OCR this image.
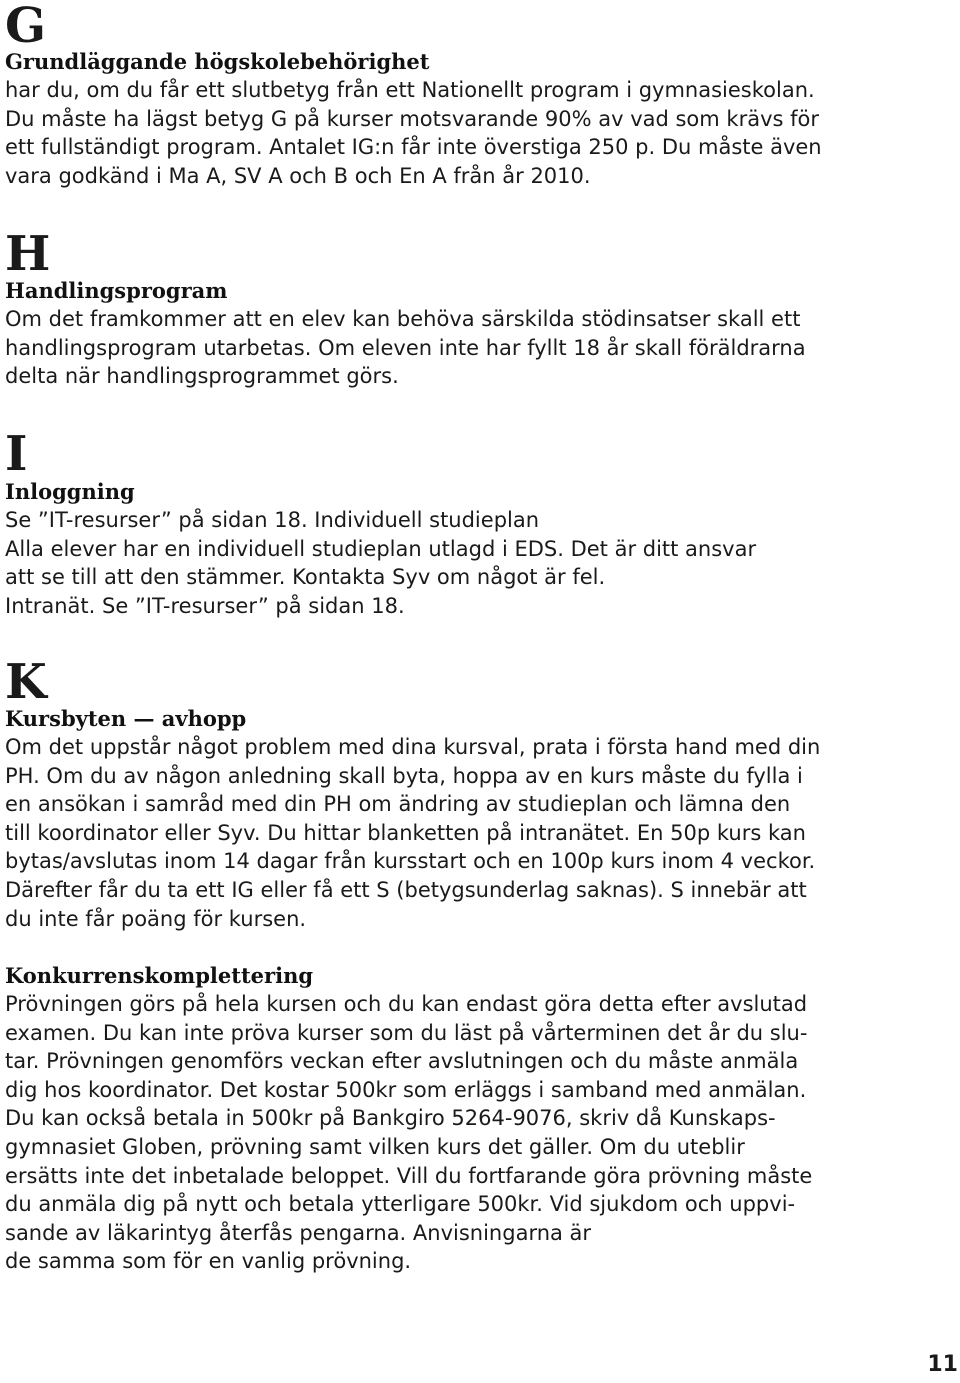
G
Grundläggande högskolebehörighet
har du, om du får ett slutbetyg från ett Nationellt program i gymnasieskolan.
Du måste ha lägst betyg G på kurser motsvarande 90% av vad som krävs för
ett fullständigt program. Antalet IG:n får inte överstiga 250 p. Du måste även
vara godkänd i Ma A, SV A och B och En A från år 2010.
H
Handlingsprogram
Om det framkommer att en elev kan behöva särskilda stödinsatser skall ett
handlingsprogram utarbetas. Om eleven inte har fyllt 18 år skall föräldrarna
delta när handlingsprogrammet görs.
I
Inloggning
Se ”IT-resurser” på sidan 18. Individuell studieplan
Alla elever har en individuell studieplan utlagd i EDS. Det är ditt ansvar
att se till att den stämmer. Kontakta Syv om något är fel.
Intranät. Se ”IT-resurser” på sidan 18.
K
Kursbyten — avhopp
Om det uppstår något problem med dina kursval, prata i första hand med din
PH. Om du av någon anledning skall byta, hoppa av en kurs måste du fylla i
en ansökan i samråd med din PH om ändring av studieplan och lämna den
till koordinator eller Syv. Du hittar blanketten på intranätet. En 50p kurs kan
bytas/avslutas inom 14 dagar från kursstart och en 100p kurs inom 4 veckor.
Därefter får du ta ett IG eller få ett S (betygsunderlag saknas). S innebär att
du inte får poäng för kursen.
Konkurrenskomplettering
Prövningen görs på hela kursen och du kan endast göra detta efter avslutad
examen. Du kan inte pröva kurser som du läst på vårterminen det år du slu-
tar. Prövningen genomförs veckan efter avslutningen och du måste anmäla
dig hos koordinator. Det kostar 500kr som erläggs i samband med anmälan.
Du kan också betala in 500kr på Bankgiro 5264-9076, skriv då Kunskaps-
gymnasiet Globen, prövning samt vilken kurs det gäller. Om du uteblir
ersätts inte det inbetalade beloppet. Vill du fortfarande göra prövning måste
du anmäla dig på nytt och betala ytterligare 500kr. Vid sjukdom och uppvi-
sande av läkarintyg återfås pengarna. Anvisningarna är
de samma som för en vanlig prövning.
11
